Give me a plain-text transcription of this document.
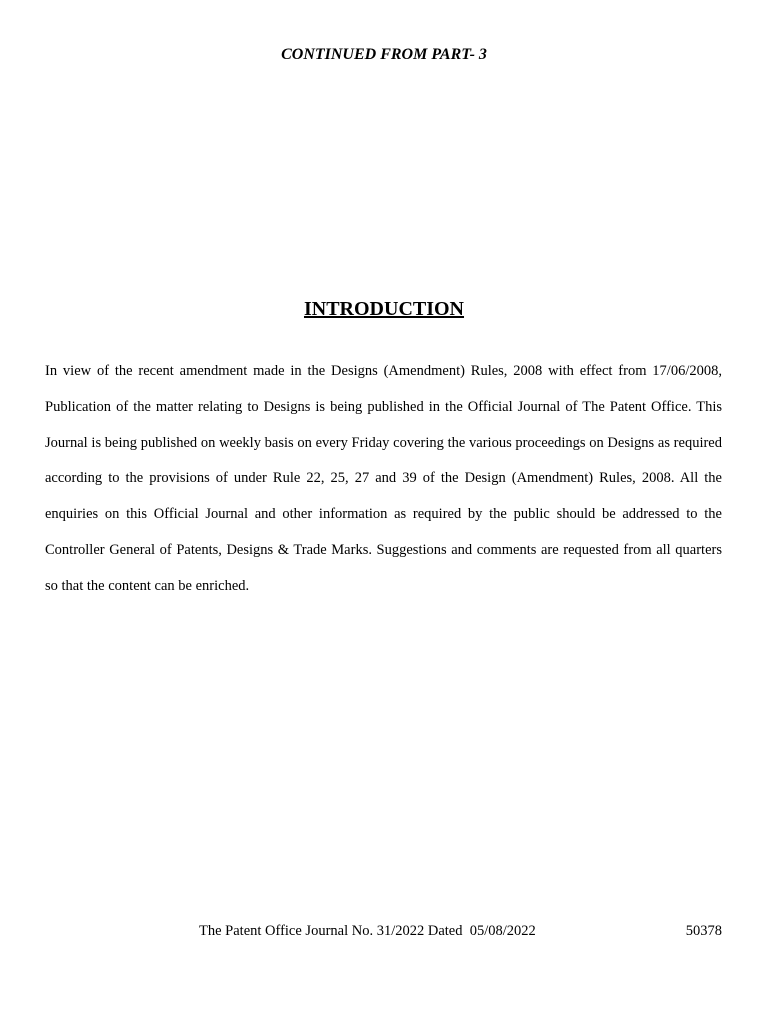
CONTINUED FROM PART- 3

INTRODUCTION

In view of the recent amendment made in the Designs (Amendment) Rules, 2008 with effect from 17/06/2008, Publication of the matter relating to Designs is being published in the Official Journal of The Patent Office. This Journal is being published on weekly basis on every Friday covering the various proceedings on Designs as required according to the provisions of under Rule 22, 25, 27 and 39 of the Design (Amendment) Rules, 2008. All the enquiries on this Official Journal and other information as required by the public should be addressed to the Controller General of Patents, Designs & Trade Marks. Suggestions and comments are requested from all quarters so that the content can be enriched.

The Patent Office Journal No. 31/2022 Dated  05/08/2022	50378
